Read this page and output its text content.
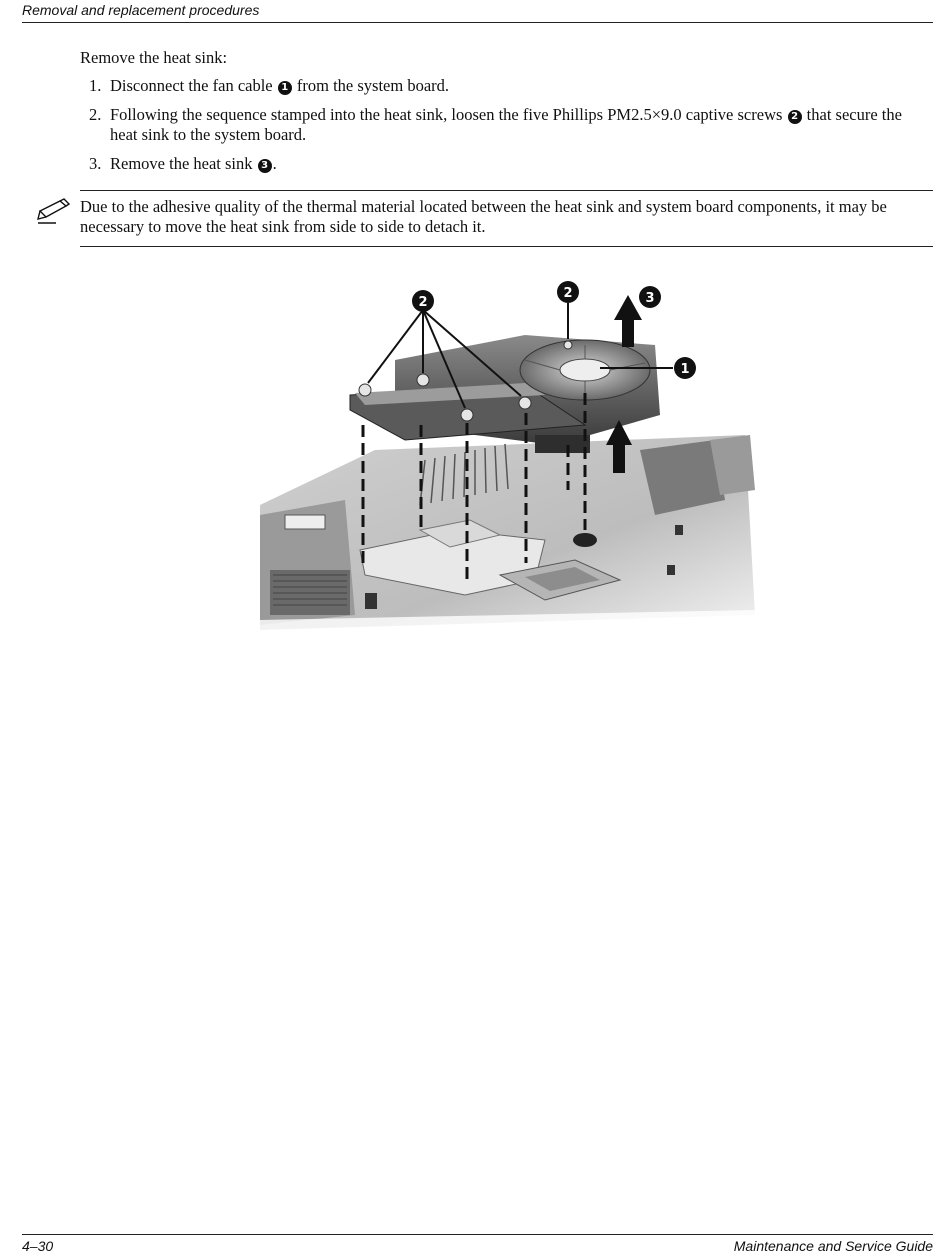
Removal and replacement procedures
Remove the heat sink:
1. Disconnect the fan cable 1 from the system board.
2. Following the sequence stamped into the heat sink, loosen the five Phillips PM2.5×9.0 captive screws 2 that secure the heat sink to the system board.
3. Remove the heat sink 3 .
Due to the adhesive quality of the thermal material located between the heat sink and system board components, it may be necessary to move the heat sink from side to side to detach it.
2
2	3
1
4–30	Maintenance and Service Guide
